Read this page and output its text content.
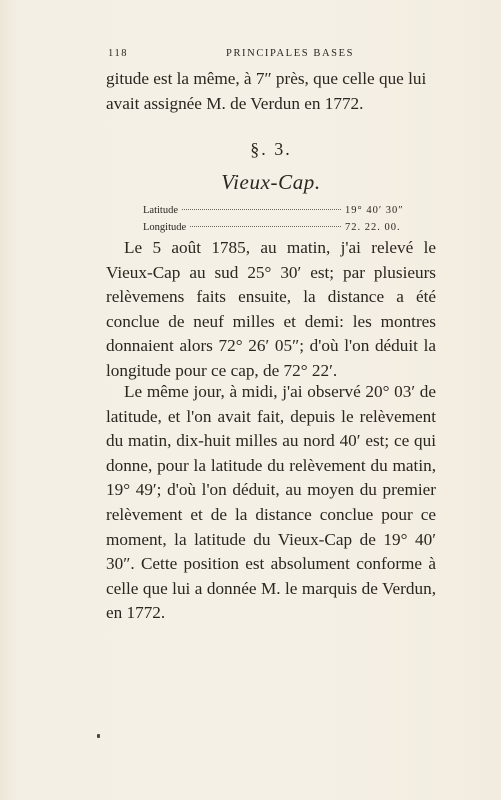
118	PRINCIPALES BASES
gitude est la même, à 7″ près, que celle que lui avait assignée M. de Verdun en 1772.
§. 3.
Vieux-Cap.
Latitude	19° 40′ 30″
Longitude	72. 22. 00.
Le 5 août 1785, au matin, j'ai relevé le Vieux-Cap au sud 25° 30′ est; par plusieurs relèvemens faits ensuite, la distance a été conclue de neuf milles et demi: les montres donnaient alors 72° 26′ 05″; d'où l'on déduit la longitude pour ce cap, de 72° 22′.
Le même jour, à midi, j'ai observé 20° 03′ de latitude, et l'on avait fait, depuis le relèvement du matin, dix-huit milles au nord 40′ est; ce qui donne, pour la latitude du relèvement du matin, 19° 49′; d'où l'on déduit, au moyen du premier relèvement et de la distance conclue pour ce moment, la latitude du Vieux-Cap de 19° 40′ 30″. Cette position est absolument conforme à celle que lui a donnée M. le marquis de Verdun, en 1772.
